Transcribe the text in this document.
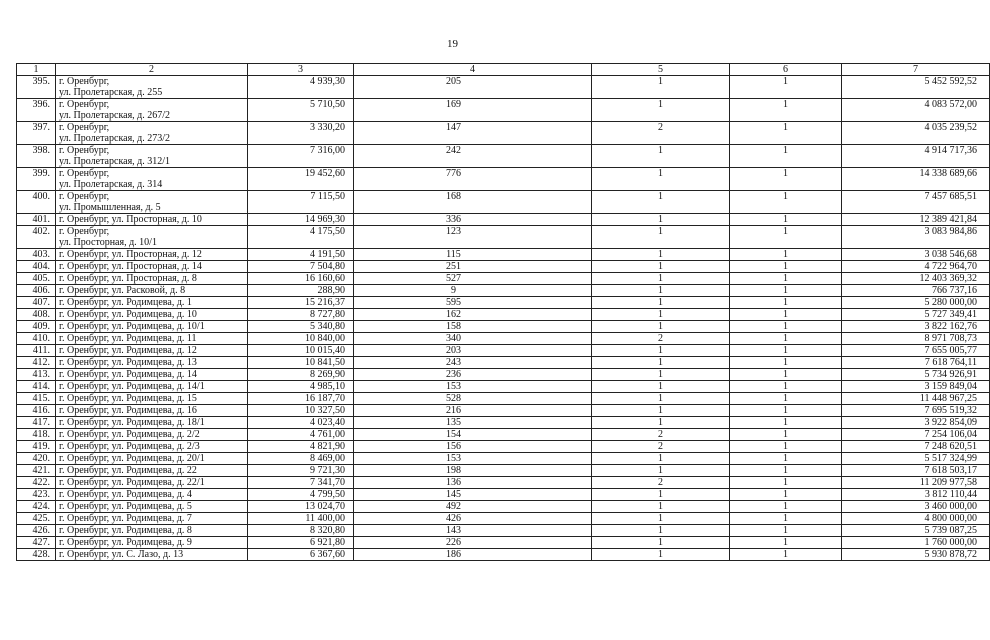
19
1	2	3	4	5	6	7
395.	г. Оренбург,
ул. Пролетарская, д. 255	4 939,30	205	1	1	5 452 592,52
396.	г. Оренбург,
ул. Пролетарская, д. 267/2	5 710,50	169	1	1	4 083 572,00
397.	г. Оренбург,
ул. Пролетарская, д. 273/2	3 330,20	147	2	1	4 035 239,52
398.	г. Оренбург,
ул. Пролетарская, д. 312/1	7 316,00	242	1	1	4 914 717,36
399.	г. Оренбург,
ул. Пролетарская, д. 314	19 452,60	776	1	1	14 338 689,66
400.	г. Оренбург,
ул. Промышленная, д. 5	7 115,50	168	1	1	7 457 685,51
401.	г. Оренбург, ул. Просторная, д. 10	14 969,30	336	1	1	12 389 421,84
402.	г. Оренбург,
ул. Просторная, д. 10/1	4 175,50	123	1	1	3 083 984,86
403.	г. Оренбург, ул. Просторная, д. 12	4 191,50	115	1	1	3 038 546,68
404.	г. Оренбург, ул. Просторная, д. 14	7 504,80	251	1	1	4 722 964,70
405.	г. Оренбург, ул. Просторная, д. 8	16 160,60	527	1	1	12 403 369,32
406.	г. Оренбург, ул. Расковой, д. 8	288,90	9	1	1	766 737,16
407.	г. Оренбург, ул. Родимцева, д. 1	15 216,37	595	1	1	5 280 000,00
408.	г. Оренбург, ул. Родимцева, д. 10	8 727,80	162	1	1	5 727 349,41
409.	г. Оренбург, ул. Родимцева, д. 10/1	5 340,80	158	1	1	3 822 162,76
410.	г. Оренбург, ул. Родимцева, д. 11	10 840,00	340	2	1	8 971 708,73
411.	г. Оренбург, ул. Родимцева, д. 12	10 015,40	203	1	1	7 655 005,77
412.	г. Оренбург, ул. Родимцева, д. 13	10 841,50	243	1	1	7 618 764,11
413.	г. Оренбург, ул. Родимцева, д. 14	8 269,90	236	1	1	5 734 926,91
414.	г. Оренбург, ул. Родимцева, д. 14/1	4 985,10	153	1	1	3 159 849,04
415.	г. Оренбург, ул. Родимцева, д. 15	16 187,70	528	1	1	11 448 967,25
416.	г. Оренбург, ул. Родимцева, д. 16	10 327,50	216	1	1	7 695 519,32
417.	г. Оренбург, ул. Родимцева, д. 18/1	4 023,40	135	1	1	3 922 854,09
418.	г. Оренбург, ул. Родимцева, д. 2/2	4 761,00	154	2	1	7 254 106,04
419.	г. Оренбург, ул. Родимцева, д. 2/3	4 821,90	156	2	1	7 248 620,51
420.	г. Оренбург, ул. Родимцева, д. 20/1	8 469,00	153	1	1	5 517 324,99
421.	г. Оренбург, ул. Родимцева, д. 22	9 721,30	198	1	1	7 618 503,17
422.	г. Оренбург, ул. Родимцева, д. 22/1	7 341,70	136	2	1	11 209 977,58
423.	г. Оренбург, ул. Родимцева, д. 4	4 799,50	145	1	1	3 812 110,44
424.	г. Оренбург, ул. Родимцева, д. 5	13 024,70	492	1	1	3 460 000,00
425.	г. Оренбург, ул. Родимцева, д. 7	11 400,00	426	1	1	4 800 000,00
426.	г. Оренбург, ул. Родимцева, д. 8	8 320,80	143	1	1	5 739 087,25
427.	г. Оренбург, ул. Родимцева, д. 9	6 921,80	226	1	1	1 760 000,00
428.	г. Оренбург, ул. С. Лазо, д. 13	6 367,60	186	1	1	5 930 878,72
